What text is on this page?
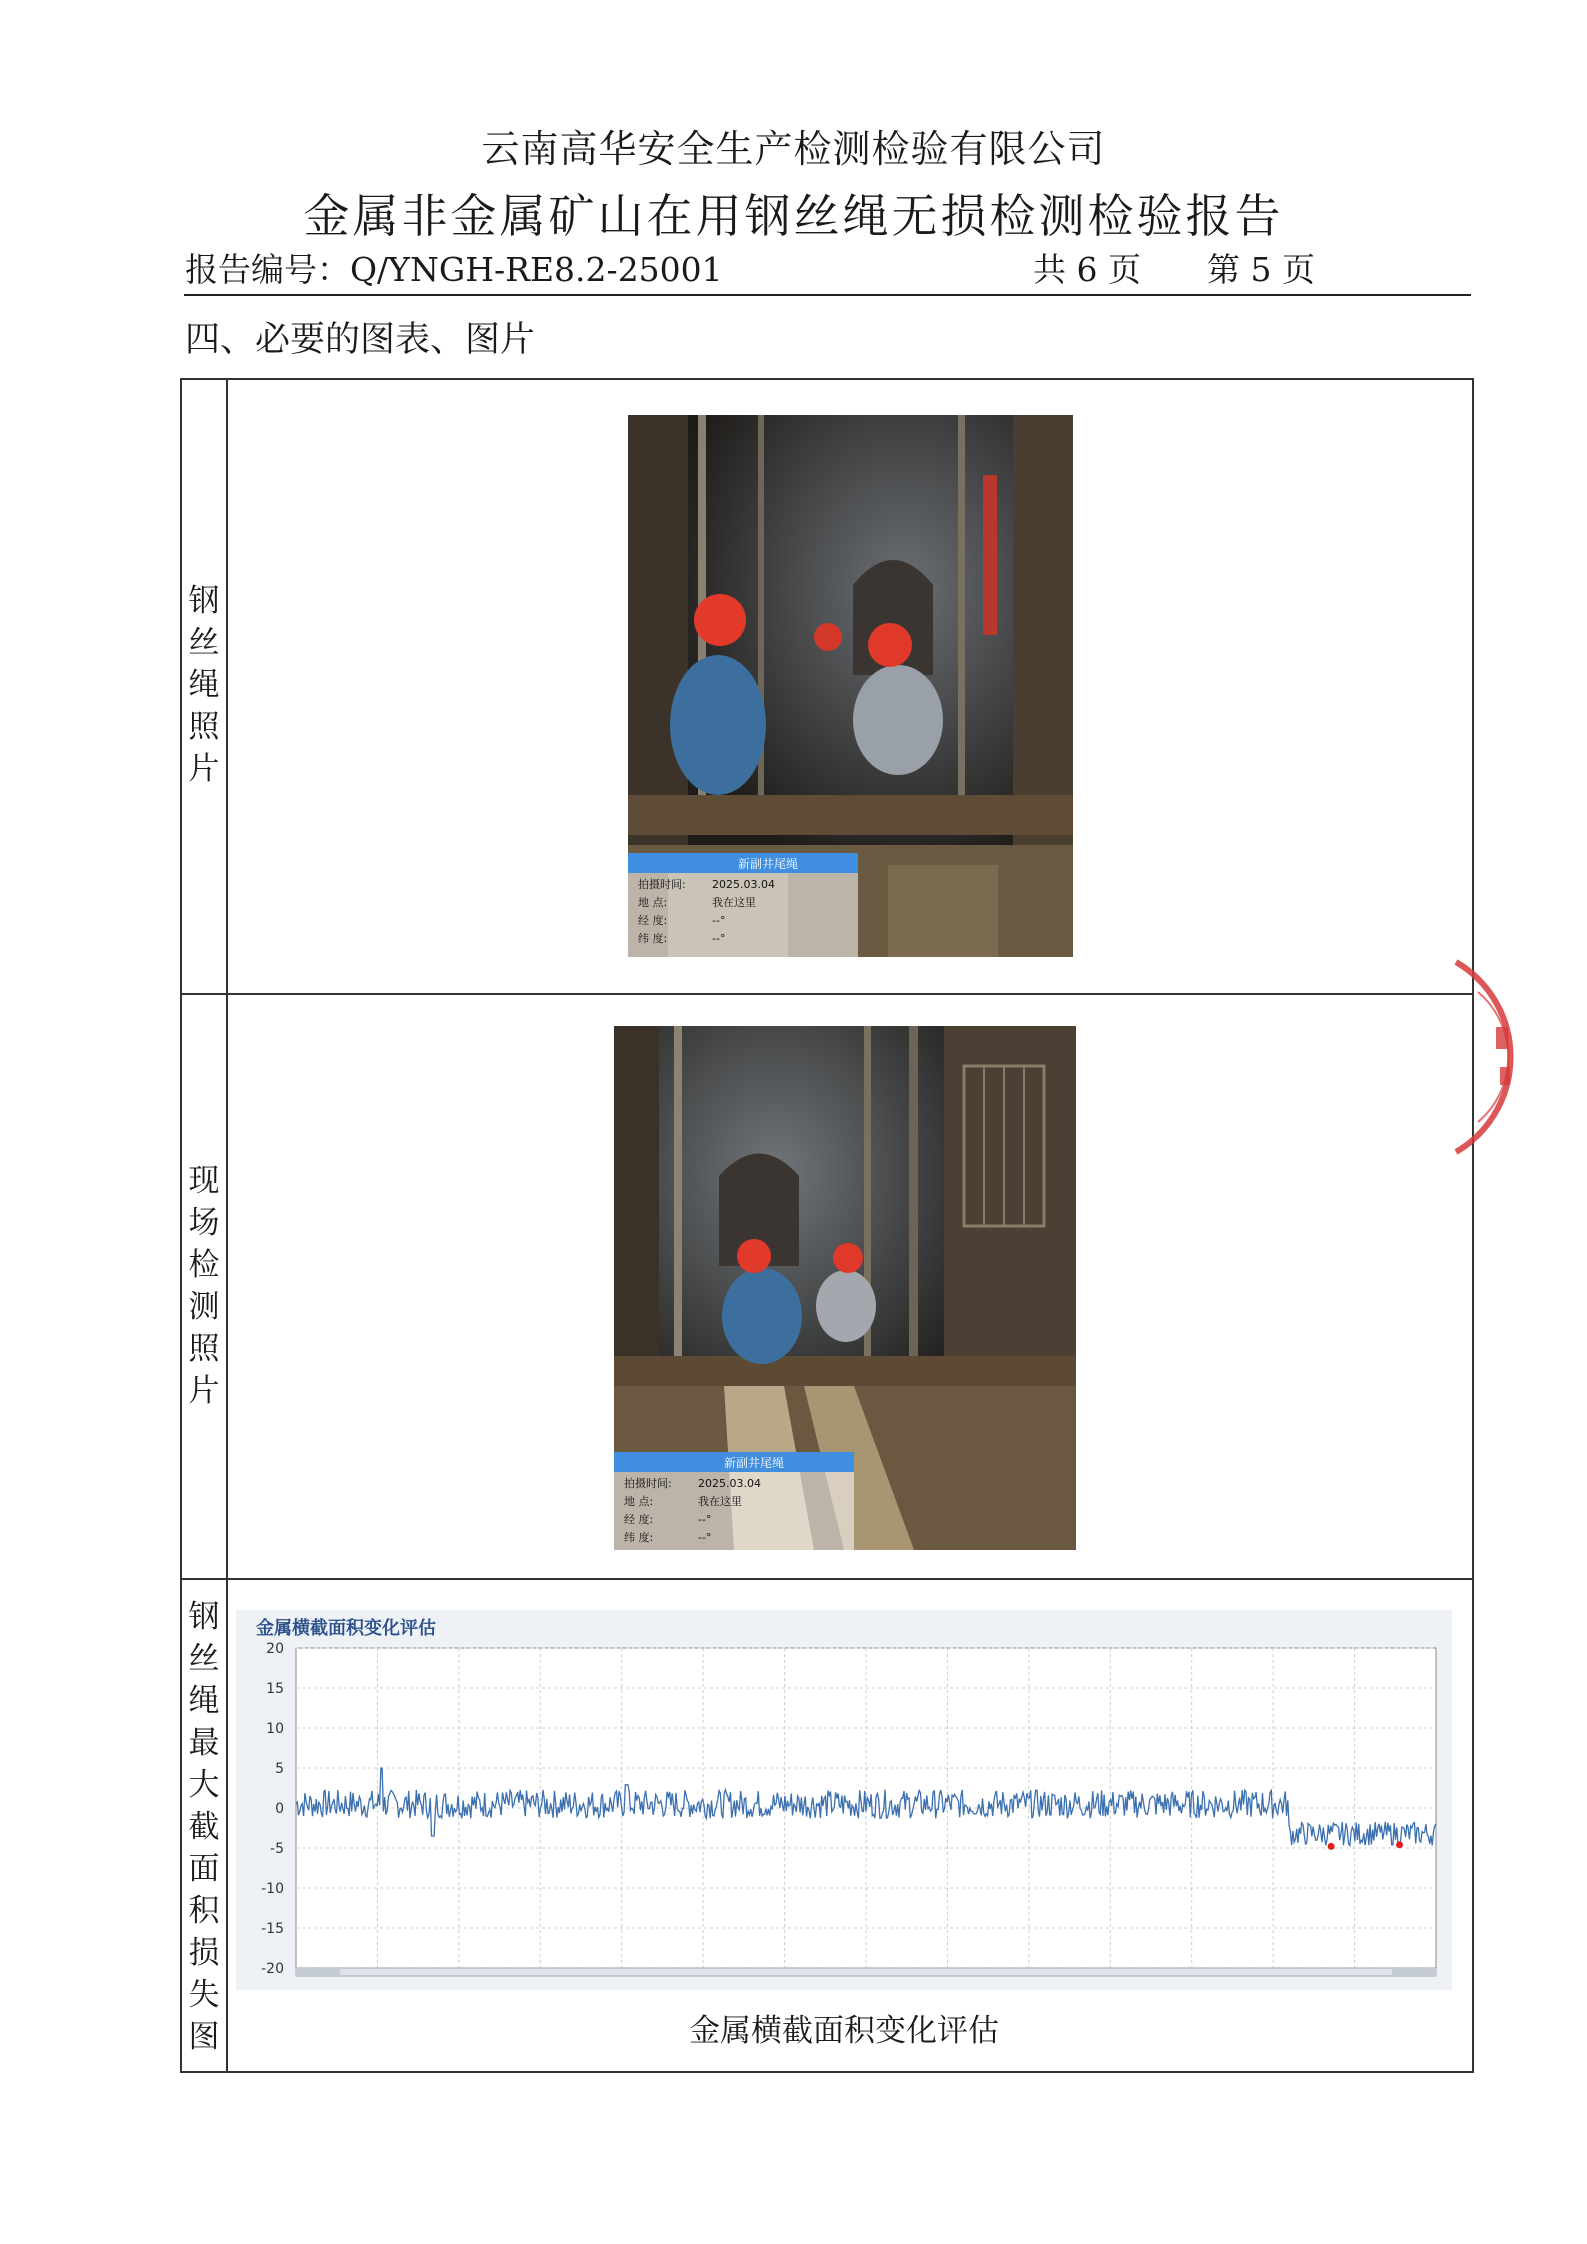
云南高华安全生产检测检验有限公司
金属非金属矿山在用钢丝绳无损检测检验报告
报告编号：Q/YNGH-RE8.2-25001	共 6 页 第 5 页
四、必要的图表、图片
钢
丝
绳
照
片
现
场
检
测
照
片
钢
丝
绳
最
大
截
面
积
损
失
图
新副井尾绳
拍摄时间: 2025.03.04
地 点:	我在这里
经 度:	--°
纬 度:	--°
新副井尾绳
拍摄时间: 2025.03.04
地 点:	我在这里
经 度:	--°
纬 度:	--°
金属横截面积变化评估
20
15
10
5
0
-5
-10
-15
-20
金属横截面积变化评估
